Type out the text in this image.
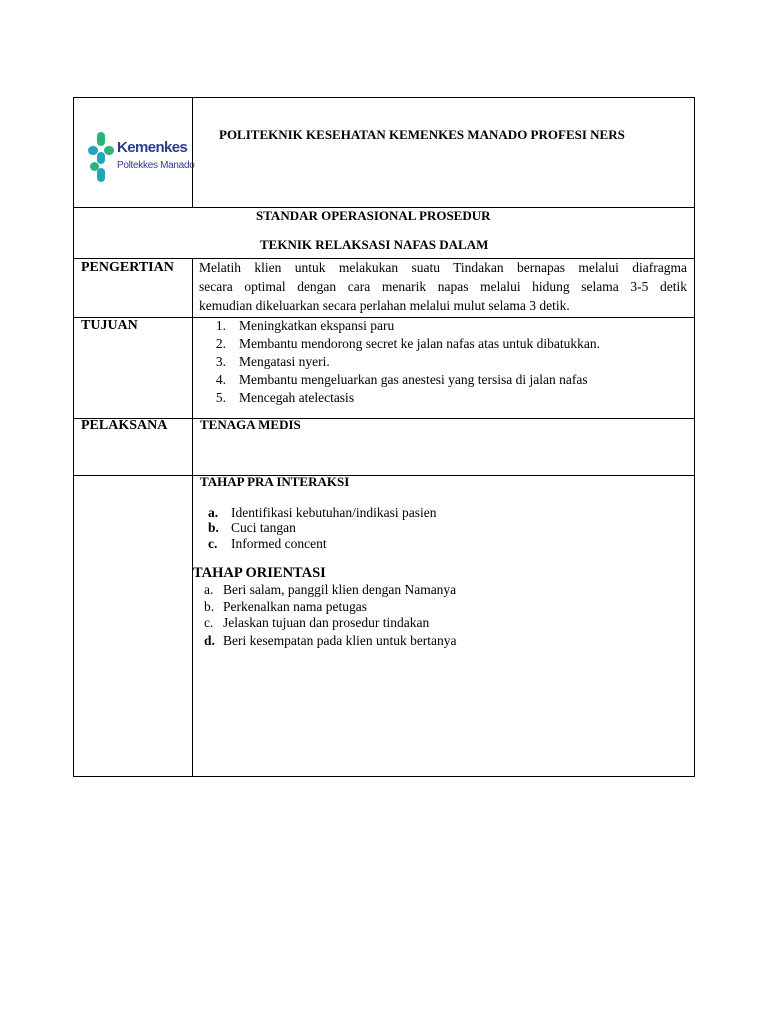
Kemenkes
Poltekkes Manado
POLITEKNIK KESEHATAN KEMENKES MANADO PROFESI NERS
STANDAR OPERASIONAL PROSEDUR
TEKNIK RELAKSASI NAFAS DALAM
PENGERTIAN Melatih klien untuk melakukan suatu Tindakan bernapas melalui diafragma
secara optimal dengan cara menarik napas melalui hidung selama 3-5 detik
kemudian dikeluarkan secara perlahan melalui mulut selama 3 detik.
TUJUAN	1. Meningkatkan ekspansi paru
2. Membantu mendorong secret ke jalan nafas atas untuk dibatukkan.
3. Mengatasi nyeri.
4. Membantu mengeluarkan gas anestesi yang tersisa di jalan nafas
5. Mencegah atelectasis
PELAKSANA	TENAGA MEDIS
TAHAP PRA INTERAKSI
a. Identifikasi kebutuhan/indikasi pasien
b. Cuci tangan
c. Informed concent
TAHAP ORIENTASI
a. Beri salam, panggil klien dengan Namanya
b. Perkenalkan nama petugas
c. Jelaskan tujuan dan prosedur tindakan
d. Beri kesempatan pada klien untuk bertanya
